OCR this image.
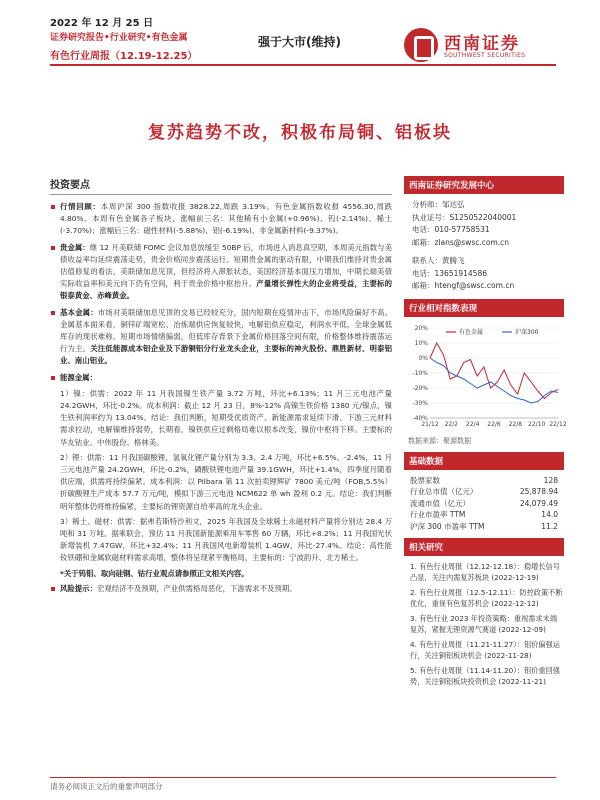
2022 年 12 月 25 日
证券研究报告•行业研究•有色金属
有色行业周报（12.19-12.25）
强于大市(维持)	西南证券
SOUTHWEST SECURITIES
复苏趋势不改，积极布局铜、铝板块
投资要点
行情回顾：本周沪深 300 指数收报 3828.22,周跌 3.19%。有色金属指数收报 4556.30,周跌 4.80%。本周有色金属各子板块，涨幅前三名：其他稀有小金属(+0.96%)、钨(-2.14%)、稀土(-3.70%)；涨幅后三名：磁性材料(-5.88%)、铝(-6.19%)、非金属新材料(-9.37%)。
贵金属：继 12 月美联储 FOMC 会议加息放缓至 50BP 后，市场进入消息真空期，本周美元指数与美债收益率均延续震荡走势，贵金价格同步震荡运行。短期贵金属的驱动有限，中期我们维持对贵金属估值修复的看法，美联储加息见顶，但经济将入滞胀状态，美国经济基本面压力增加，中期长端美债实际收益率和美元向下仍有空间，利于贵金价格中枢抬升。产量增长弹性大的企业将受益，主要标的银泰黄金、赤峰黄金。
基本金属：市场对美联储加息见顶的交易已经较充分，国内短期在疫情冲击下，市场风险偏好不高。金属基本面来看，铜锌矿端宽松、冶炼端供应恢复较快，电解铝供应稳定，利润水平低，全球金属低库存的现状难称。短期市场情绪偏弱，但低库存背景下金属价格回落空间有限，价格整体维持震荡运行为主。关注低能源成本铝企业及下游铜铝分行业龙头企业，主要标的神火股份、鼎胜新材、明泰铝业、南山铝业。
能源金属：
1）镍：供需：2022 年 11 月我国镍生铁产量 3.72 万吨，环比+6.13%；11 月三元电池产量 24.2GWH，环比-0.2%。成本利润：截止 12 月 23 日，8%-12% 高镍生铁价格 1380 元/镍点，镍生铁利润率约为 13.04%。结论：我们判断，短期受优质资产、新能源需求延续下滑、下游三元材料需求拉动，电解镍维持弱势，长期看，镍铁供应过剩格局难以根本改变，镍价中枢将下移。主要标的华友钴业、中伟股份、格林美。
2）锂：供需：11 月我国碳酸锂、氢氧化锂产量分别为 3.3、2.4 万吨，环比+6.5%、-2.4%，11 月三元电池产量 24.2GWH，环比-0.2%，磷酸铁锂电池产量 39.1GWH，环比+1.4%，四季度月随着供应端，供需将持续偏紧。成本利润：以 Pilbara 第 11 次拍卖锂辉矿 7800 美元/吨（FOB,5.5%）折碳酸锂生产成本 57.7 万元/吨，模拟下游三元电池 NCM622 单 wh 盈利 0.2 元。结论：我们判断明年整体仍将维持偏紧，主要标的锂资源自给率高的龙头企业。
3）稀土、磁材：供需：据弗若斯特沙利文，2025 年我国及全球稀土永磁材料产量将分别达 28.4 万吨和 31 万吨。据乘联会，预估 11 月我国新能源乘用车零售 60 万辆，环比+8.2%；11 月我国光伏新增装机 7.47GW，环比+32.4%；11 月我国风电新增装机 1.4GW，环比-27.4%。结论：高性能钕铁硼和金属软磁材料需求高增，整体将呈现紧平衡格局，主要标的：宁波韵升、北方稀土。
*关于钨钼、取向硅钢、钴行业观点请参照正文相关内容。
风险提示：宏观经济不及预期，产业供需格局恶化，下游需求不及预期。
西南证券研究发展中心
分析师：邹达弘
执业证号：S1250522040001
电话：010-57758531
邮箱：zlans@swsc.com.cn
联系人：黄腾飞
电话：13651914586
邮箱：htengf@swsc.com.cn
行业相对指数表现
20%
10%
0%
-10%
-20%
-30%
-40%
21/12 22/2 22/4 22/6 22/8 22/10 22/12
有色金属	沪深300
数据来源：聚源数据
基础数据
股票家数	128
行业总市值（亿元）	25,878.94
流通市值（亿元）	24,079.49
行业市盈率 TTM	14.0
沪深 300 市盈率 TTM	11.2
相关研究
1. 有色行业周报（12.12-12.18）：稳增长信号凸显，关注内需复苏板块 (2022-12-19)
2. 有色行业周报（12.5-12.11）：防控政策不断优化，重视有色复苏机会 (2022-12-12)
3. 有色行业 2023 年投资策略：重视需求末端复苏，紧握无锂资源气赛道 (2022-12-09)
4. 有色行业周报（11.21-11.27）：钼价偏强运行，关注铜铝板块机会 (2022-11-28)
5. 有色行业周报（11.14-11.20）：钼价重回强势，关注铜铝板块投资机会 (2022-11-21)
请务必阅读正文后的重要声明部分
